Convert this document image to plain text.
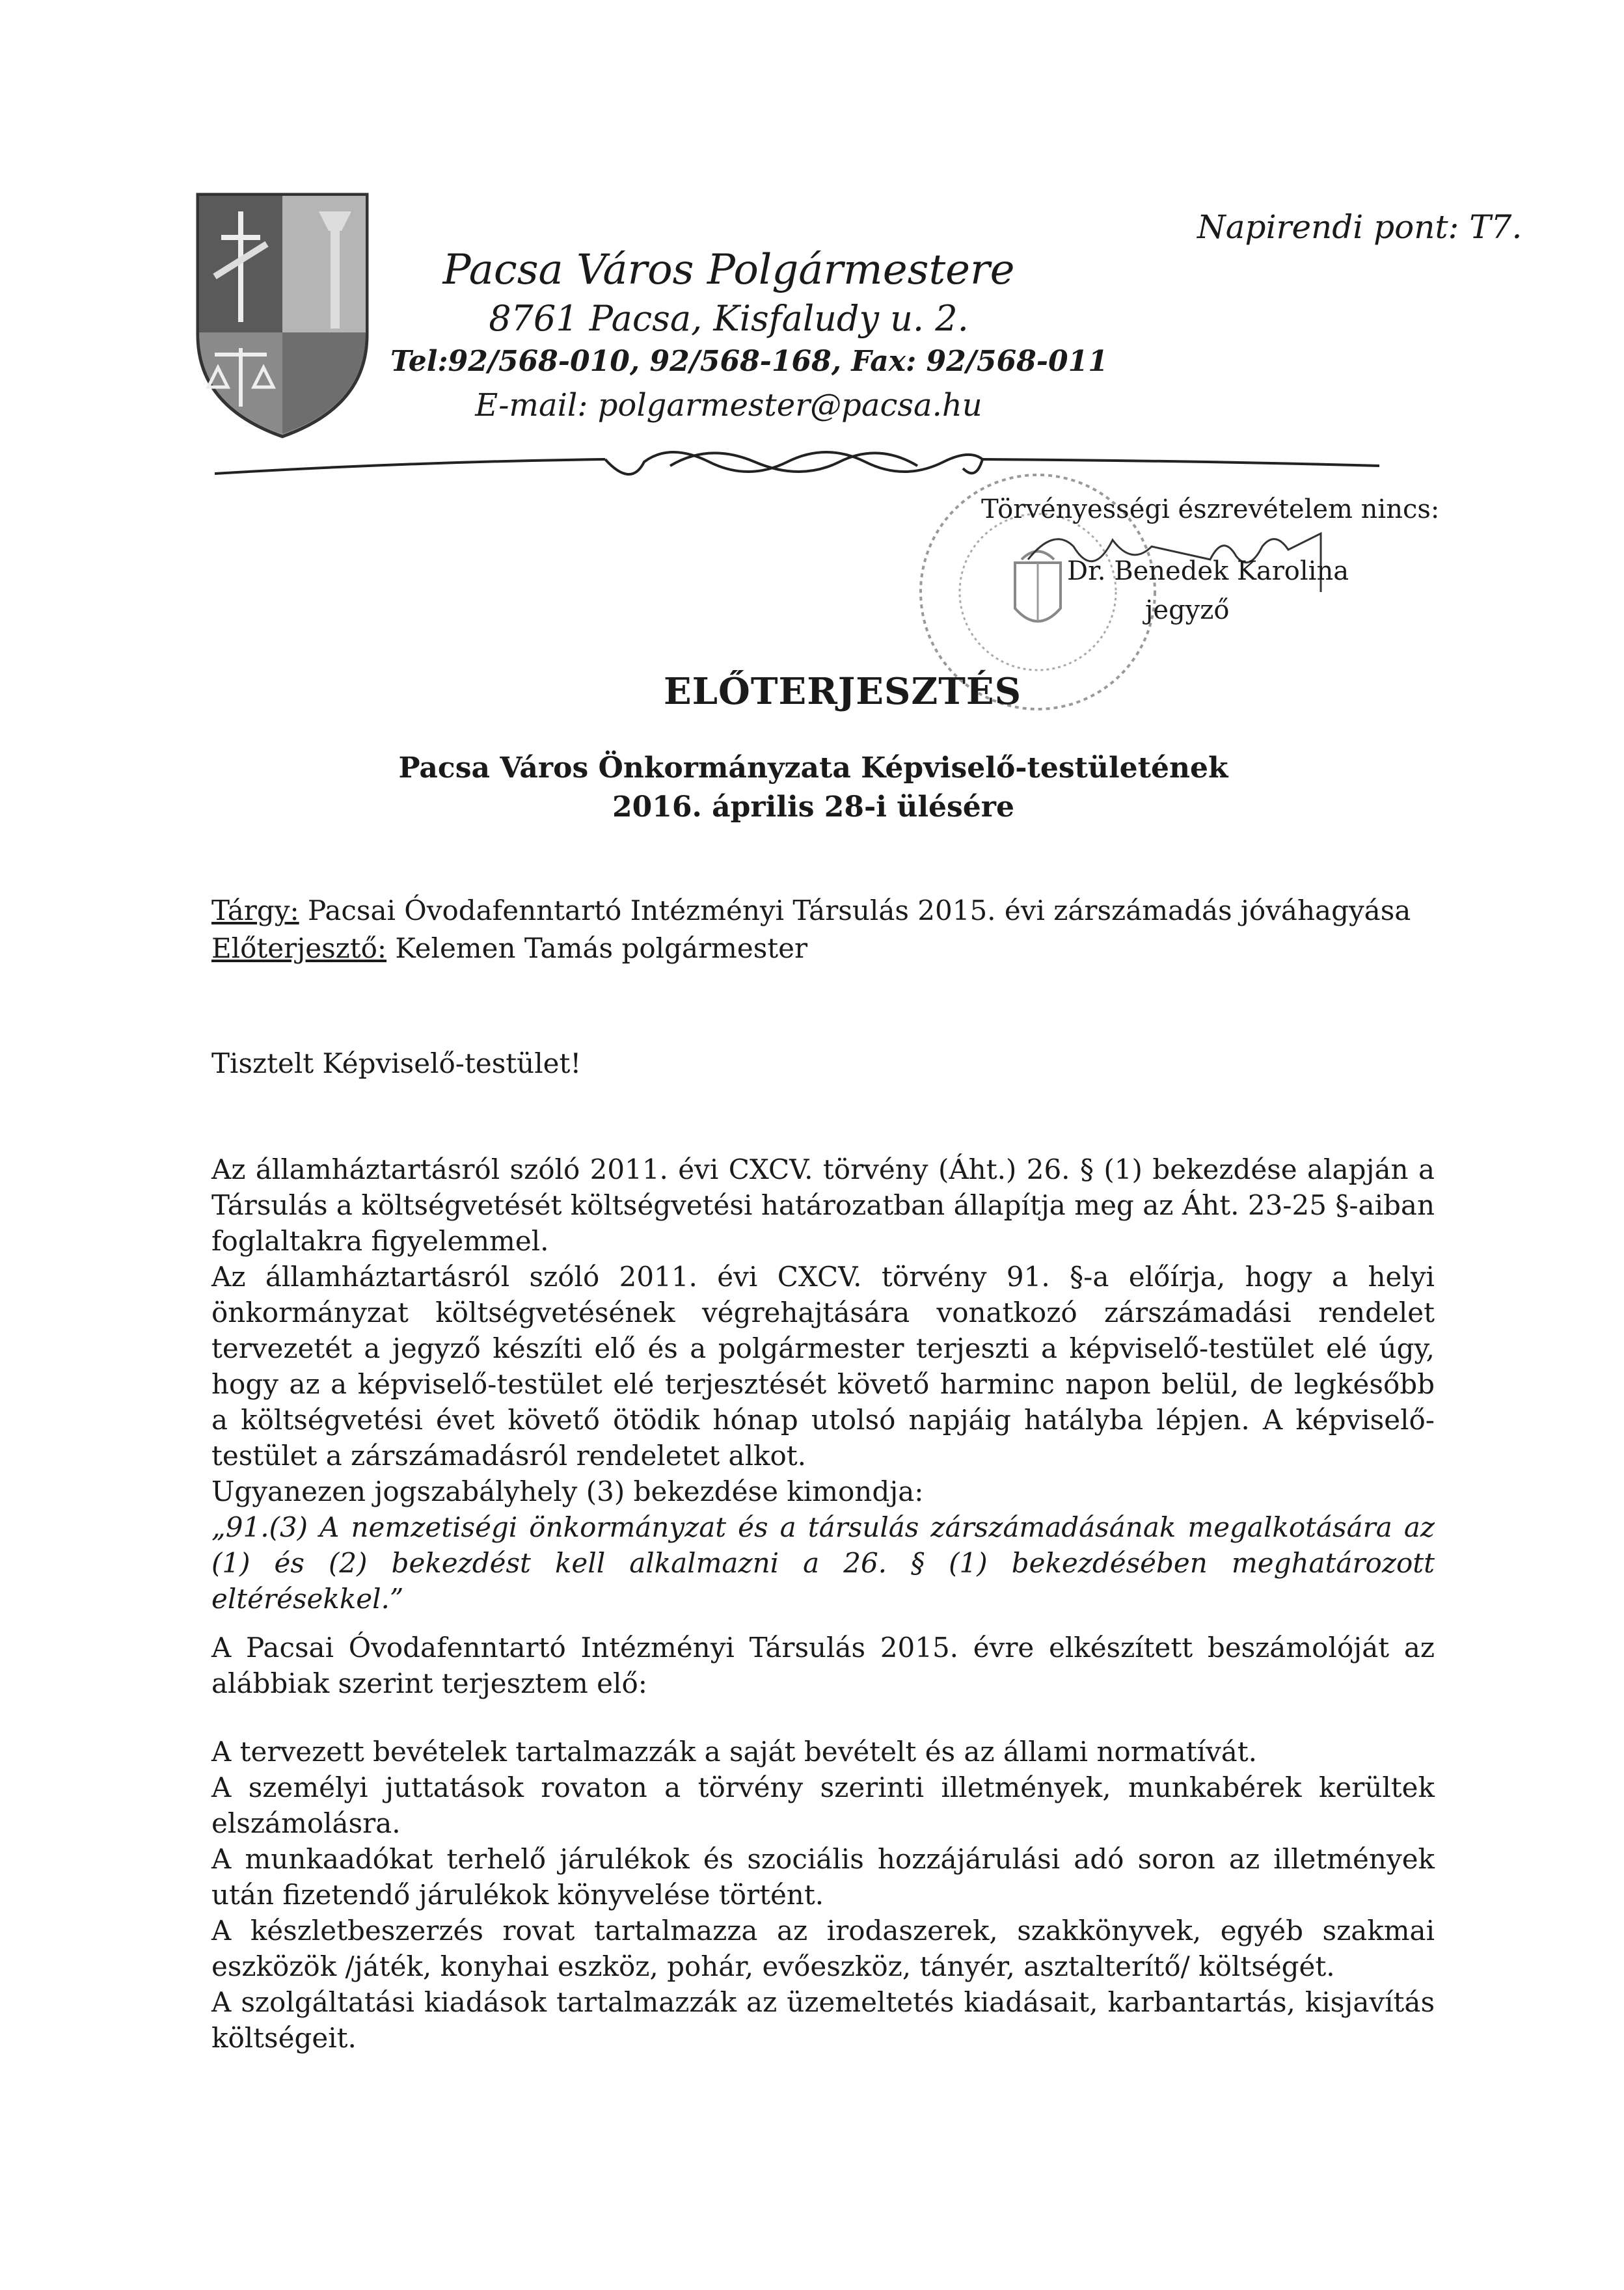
Napirendi pont: T7.
Pacsa Város Polgármestere
8761 Pacsa, Kisfaludy u. 2.
Tel:92/568-010, 92/568-168, Fax: 92/568-011
E-mail: polgarmester@pacsa.hu
Törvényességi észrevételem nincs:
Dr. Benedek Karolina
jegyző
ELŐTERJESZTÉS
Pacsa Város Önkormányzata Képviselő-testületének
2016. április 28-i ülésére
Tárgy: Pacsai Óvodafenntartó Intézményi Társulás 2015. évi zárszámadás jóváhagyása
Előterjesztő: Kelemen Tamás polgármester
Tisztelt Képviselő-testület!
Az államháztartásról szóló 2011. évi CXCV. törvény (Áht.) 26. § (1) bekezdése alapján a Társulás a költségvetését költségvetési határozatban állapítja meg az Áht. 23-25 §-aiban foglaltakra figyelemmel.
Az államháztartásról szóló 2011. évi CXCV. törvény 91. §-a előírja, hogy a helyi önkormányzat költségvetésének végrehajtására vonatkozó zárszámadási rendelet tervezetét a jegyző készíti elő és a polgármester terjeszti a képviselő-testület elé úgy, hogy az a képviselő-testület elé terjesztését követő harminc napon belül, de legkésőbb a költségvetési évet követő ötödik hónap utolsó napjáig hatályba lépjen. A képviselő-testület a zárszámadásról rendeletet alkot.
Ugyanezen jogszabályhely (3) bekezdése kimondja:
„91.(3) A nemzetiségi önkormányzat és a társulás zárszámadásának megalkotására az (1) és (2) bekezdést kell alkalmazni a 26. § (1) bekezdésében meghatározott eltérésekkel.”
A Pacsai Óvodafenntartó Intézményi Társulás 2015. évre elkészített beszámolóját az alábbiak szerint terjesztem elő:
A tervezett bevételek tartalmazzák a saját bevételt és az állami normatívát.
A személyi juttatások rovaton a törvény szerinti illetmények, munkabérek kerültek elszámolásra.
A munkaadókat terhelő járulékok és szociális hozzájárulási adó soron az illetmények után fizetendő járulékok könyvelése történt.
A készletbeszerzés rovat tartalmazza az irodaszerek, szakkönyvek, egyéb szakmai eszközök /játék, konyhai eszköz, pohár, evőeszköz, tányér, asztalterítő/ költségét.
A szolgáltatási kiadások tartalmazzák az üzemeltetés kiadásait, karbantartás, kisjavítás költségeit.
